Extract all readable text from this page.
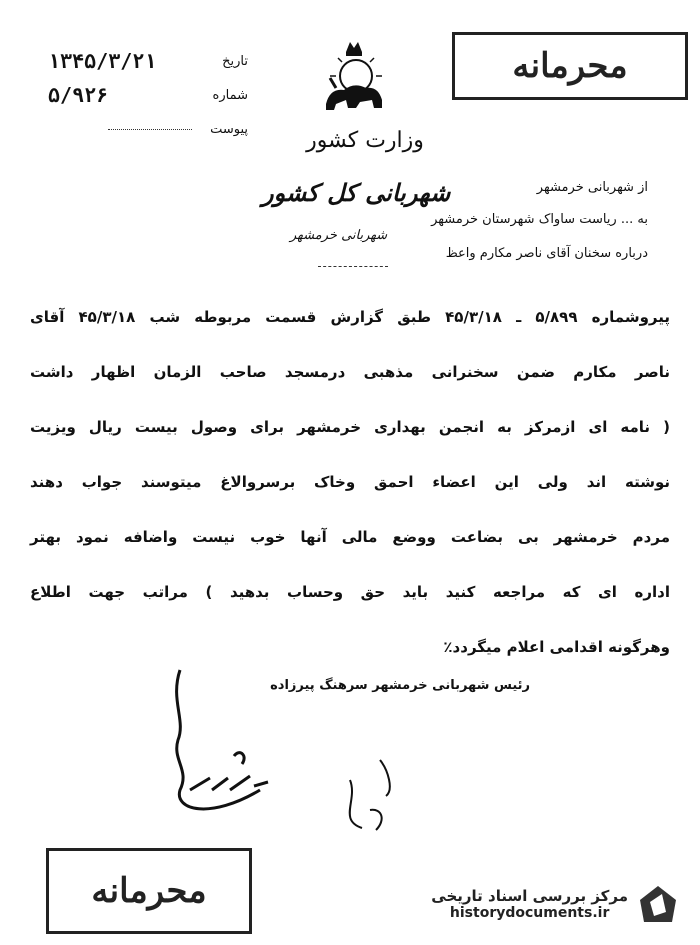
محرمانه
تاریخ
۱۳۴۵/۳/۲۱
شماره
۵/۹۲۶
پیوست	وزارت کشور
از شهربانی خرمشهر
به ... ریاست ساواک شهرستان خرمشهر
درباره سخنان آقای ناصر مکارم واعظ
شهربانی کل کشور
شهربانی خرمشهر
پیروشماره ۵/۸۹۹ ـ ۴۵/۳/۱۸ طبق گزارش قسمت مربوطه شب ۴۵/۳/۱۸ آقای
ناصر مکارم ضمن سخنرانی مذهبی درمسجد صاحب الزمان اظهار داشت
( نامه ای ازمرکز به انجمن بهداری خرمشهر برای وصول بیست ریال ویزیت
نوشته اند ولی این اعضاء احمق وخاک برسروالاغ میتوسند جواب دهند
مردم خرمشهر بی بضاعت ووضع مالی آنها خوب نیست واضافه نمود بهتر
اداره ای که مراجعه کنید باید حق وحساب بدهید ) مراتب جهت اطلاع
وهرگونه اقدامی اعلام میگردد٪
رئیس شهربانی خرمشهر سرهنگ پیرزاده
محرمانه	مرکز بررسی اسناد تاریخی
historydocuments.ir
